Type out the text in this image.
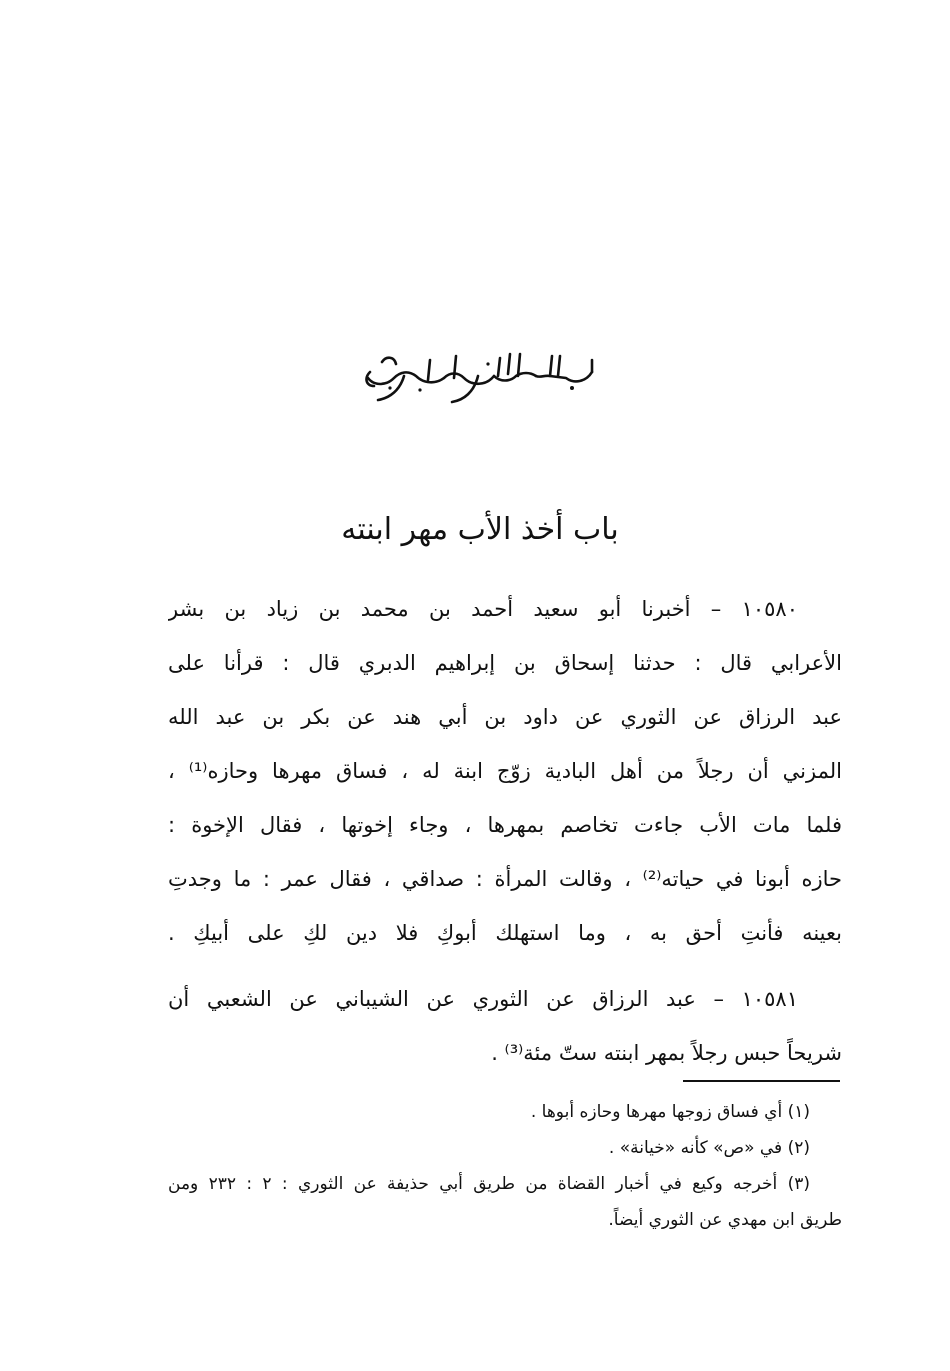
باب أخذ الأب مهر ابنته
١٠٥٨٠ – أخبرنا أبو سعيد أحمد بن محمد بن زياد بن بشر
الأعرابي قال : حدثنا إسحاق بن إبراهيم الدبري قال : قرأنا على
عبد الرزاق عن الثوري عن داود بن أبي هند عن بكر بن عبد الله
المزني أن رجلاً من أهل البادية زوّج ابنة له ، فساق مهرها وحازه⁽¹⁾ ،
فلما مات الأب جاءت تخاصم بمهرها ، وجاء إخوتها ، فقال الإخوة :
حازه أبونا في حياته⁽²⁾ ، وقالت المرأة : صداقي ، فقال عمر : ما وجدتِ
بعينه فأنتِ أحق به ، وما استهلك أبوكِ فلا دين لكِ على أبيكِ .
١٠٥٨١ – عبد الرزاق عن الثوري عن الشيباني عن الشعبي أن
شريحاً حبس رجلاً بمهر ابنته ستّ مئة⁽³⁾ .
(١) أي فساق زوجها مهرها وحازه أبوها .
(٢) في «ص» كأنه «خيانة» .
(٣) أخرجه وكيع في أخبار القضاة من طريق أبي حذيفة عن الثوري : ٢ : ٢٣٢ ومن
طريق ابن مهدي عن الثوري أيضاً.
